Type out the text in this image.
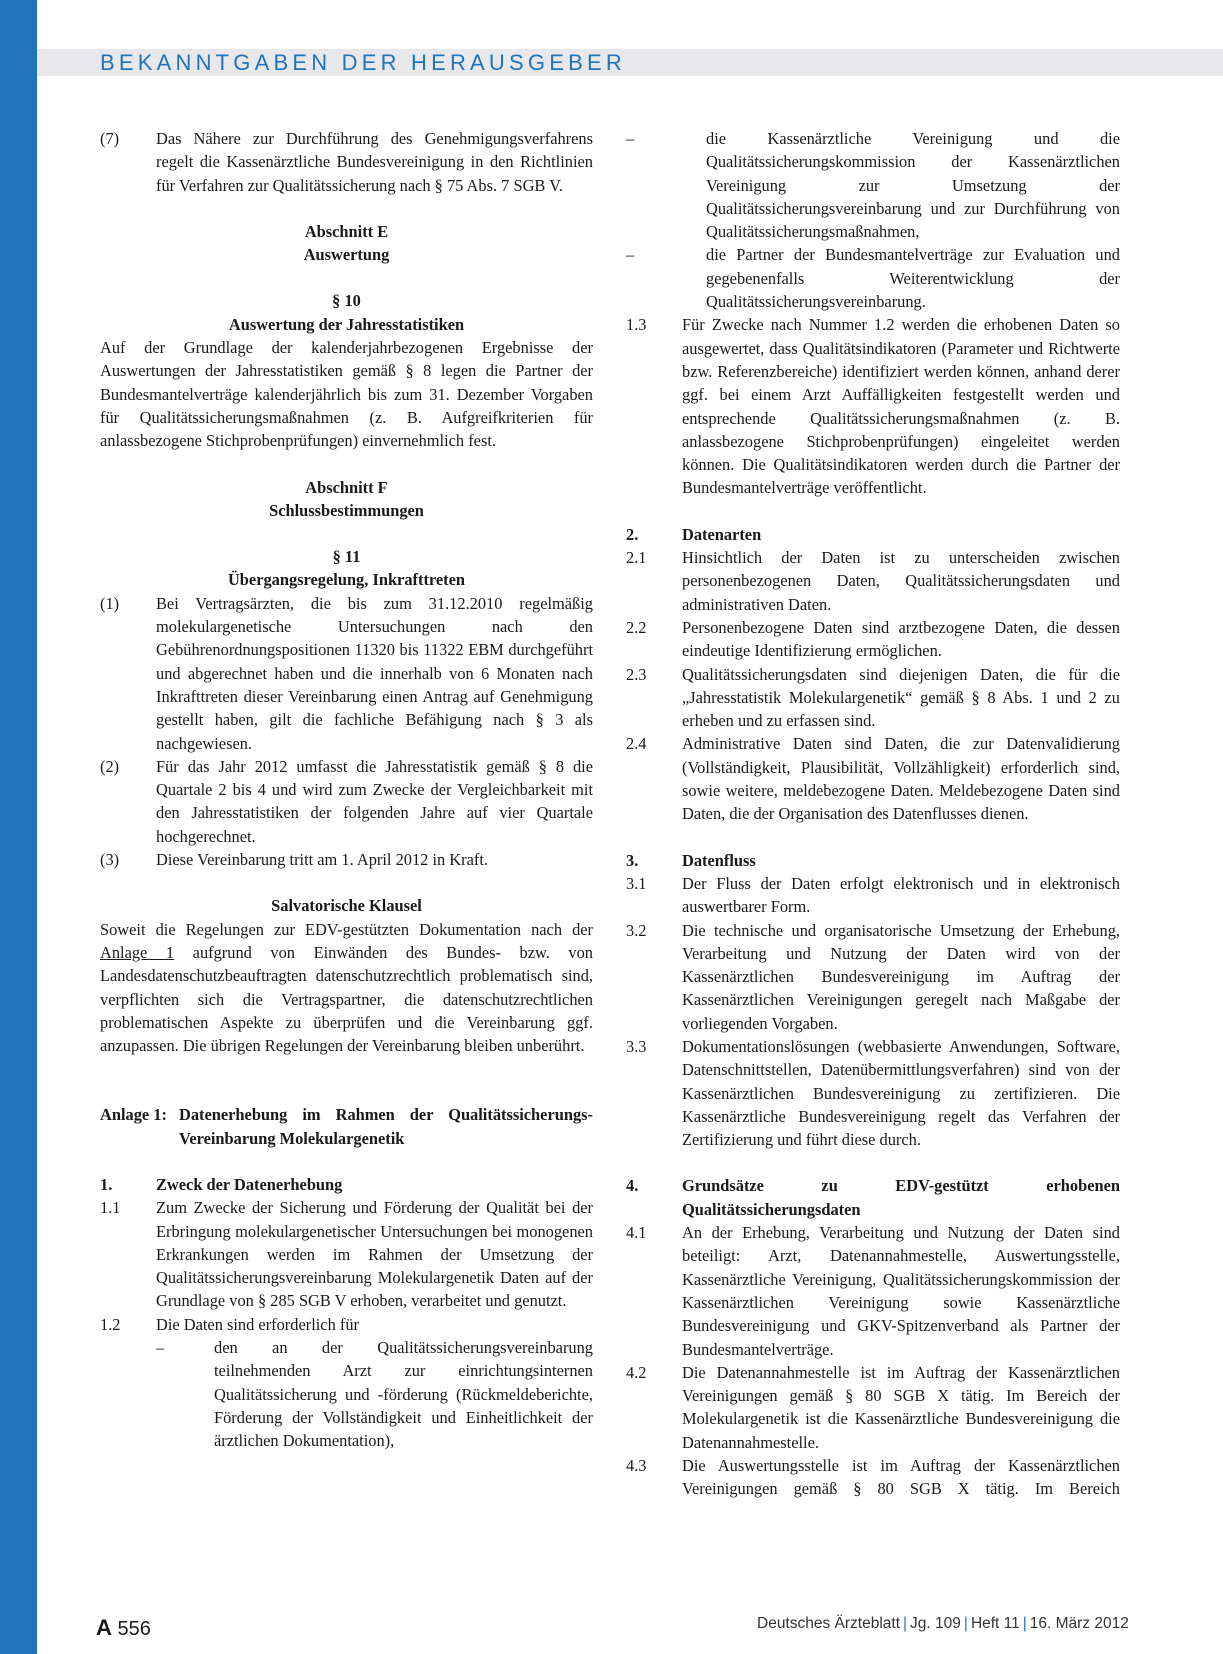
BEKANNTGABEN DER HERAUSGEBER
(7)	Das Nähere zur Durchführung des Genehmigungsverfahrens regelt die Kassenärztliche Bundesvereinigung in den Richtlinien für Verfahren zur Qualitätssicherung nach § 75 Abs. 7 SGB V.
Abschnitt E
Auswertung
§ 10
Auswertung der Jahresstatistiken
Auf der Grundlage der kalenderjahrbezogenen Ergebnisse der Auswertungen der Jahresstatistiken gemäß § 8 legen die Partner der Bundesmantelverträge kalenderjährlich bis zum 31. Dezember Vorgaben für Qualitätssicherungsmaßnahmen (z. B. Aufgreifkriterien für anlassbezogene Stichprobenprüfungen) einvernehmlich fest.
Abschnitt F
Schlussbestimmungen
§ 11
Übergangsregelung, Inkrafttreten
(1)	Bei Vertragsärzten, die bis zum 31.12.2010 regelmäßig molekulargenetische Untersuchungen nach den Gebührenordnungspositionen 11320 bis 11322 EBM durchgeführt und abgerechnet haben und die innerhalb von 6 Monaten nach Inkrafttreten dieser Vereinbarung einen Antrag auf Genehmigung gestellt haben, gilt die fachliche Befähigung nach § 3 als nachgewiesen.
(2)	Für das Jahr 2012 umfasst die Jahresstatistik gemäß § 8 die Quartale 2 bis 4 und wird zum Zwecke der Vergleichbarkeit mit den Jahresstatistiken der folgenden Jahre auf vier Quartale hochgerechnet.
(3)	Diese Vereinbarung tritt am 1. April 2012 in Kraft.
Salvatorische Klausel
Soweit die Regelungen zur EDV-gestützten Dokumentation nach der Anlage 1 aufgrund von Einwänden des Bundes- bzw. von Landesdatenschutzbeauftragten datenschutzrechtlich problematisch sind, verpflichten sich die Vertragspartner, die datenschutzrechtlichen problematischen Aspekte zu überprüfen und die Vereinbarung ggf. anzupassen. Die übrigen Regelungen der Vereinbarung bleiben unberührt.
Anlage 1: Datenerhebung im Rahmen der Qualitätssicherungs-Vereinbarung Molekulargenetik
1.	Zweck der Datenerhebung
1.1	Zum Zwecke der Sicherung und Förderung der Qualität bei der Erbringung molekulargenetischer Untersuchungen bei monogenen Erkrankungen werden im Rahmen der Umsetzung der Qualitätssicherungsvereinbarung Molekulargenetik Daten auf der Grundlage von § 285 SGB V erhoben, verarbeitet und genutzt.
1.2	Die Daten sind erforderlich für
–	den an der Qualitätssicherungsvereinbarung teilnehmenden Arzt zur einrichtungsinternen Qualitätssicherung und -förderung (Rückmeldeberichte, Förderung der Vollständigkeit und Einheitlichkeit der ärztlichen Dokumentation),
–	die Kassenärztliche Vereinigung und die Qualitätssicherungskommission der Kassenärztlichen Vereinigung zur Umsetzung der Qualitätssicherungsvereinbarung und zur Durchführung von Qualitätssicherungsmaßnahmen,
–	die Partner der Bundesmantelverträge zur Evaluation und gegebenenfalls Weiterentwicklung der Qualitätssicherungsvereinbarung.
1.3	Für Zwecke nach Nummer 1.2 werden die erhobenen Daten so ausgewertet, dass Qualitätsindikatoren (Parameter und Richtwerte bzw. Referenzbereiche) identifiziert werden können, anhand derer ggf. bei einem Arzt Auffälligkeiten festgestellt werden und entsprechende Qualitätssicherungsmaßnahmen (z. B. anlassbezogene Stichprobenprüfungen) eingeleitet werden können. Die Qualitätsindikatoren werden durch die Partner der Bundesmantelverträge veröffentlicht.
2.	Datenarten
2.1	Hinsichtlich der Daten ist zu unterscheiden zwischen personenbezogenen Daten, Qualitätssicherungsdaten und administrativen Daten.
2.2	Personenbezogene Daten sind arztbezogene Daten, die dessen eindeutige Identifizierung ermöglichen.
2.3	Qualitätssicherungsdaten sind diejenigen Daten, die für die „Jahresstatistik Molekulargenetik“ gemäß § 8 Abs. 1 und 2 zu erheben und zu erfassen sind.
2.4	Administrative Daten sind Daten, die zur Datenvalidierung (Vollständigkeit, Plausibilität, Vollzähligkeit) erforderlich sind, sowie weitere, meldebezogene Daten. Meldebezogene Daten sind Daten, die der Organisation des Datenflusses dienen.
3.	Datenfluss
3.1	Der Fluss der Daten erfolgt elektronisch und in elektronisch auswertbarer Form.
3.2	Die technische und organisatorische Umsetzung der Erhebung, Verarbeitung und Nutzung der Daten wird von der Kassenärztlichen Bundesvereinigung im Auftrag der Kassenärztlichen Vereinigungen geregelt nach Maßgabe der vorliegenden Vorgaben.
3.3	Dokumentationslösungen (webbasierte Anwendungen, Software, Datenschnittstellen, Datenübermittlungsverfahren) sind von der Kassenärztlichen Bundesvereinigung zu zertifizieren. Die Kassenärztliche Bundesvereinigung regelt das Verfahren der Zertifizierung und führt diese durch.
4.	Grundsätze zu EDV-gestützt erhobenen Qualitätssicherungsdaten
4.1	An der Erhebung, Verarbeitung und Nutzung der Daten sind beteiligt: Arzt, Datenannahmestelle, Auswertungsstelle, Kassenärztliche Vereinigung, Qualitätssicherungskommission der Kassenärztlichen Vereinigung sowie Kassenärztliche Bundesvereinigung und GKV-Spitzenverband als Partner der Bundesmantelverträge.
4.2	Die Datenannahmestelle ist im Auftrag der Kassenärztlichen Vereinigungen gemäß § 80 SGB X tätig. Im Bereich der Molekulargenetik ist die Kassenärztliche Bundesvereinigung die Datenannahmestelle.
4.3	Die Auswertungsstelle ist im Auftrag der Kassenärztlichen Vereinigungen gemäß § 80 SGB X tätig. Im Bereich
A 556	Deutsches Ärzteblatt | Jg. 109 | Heft 11 | 16. März 2012
